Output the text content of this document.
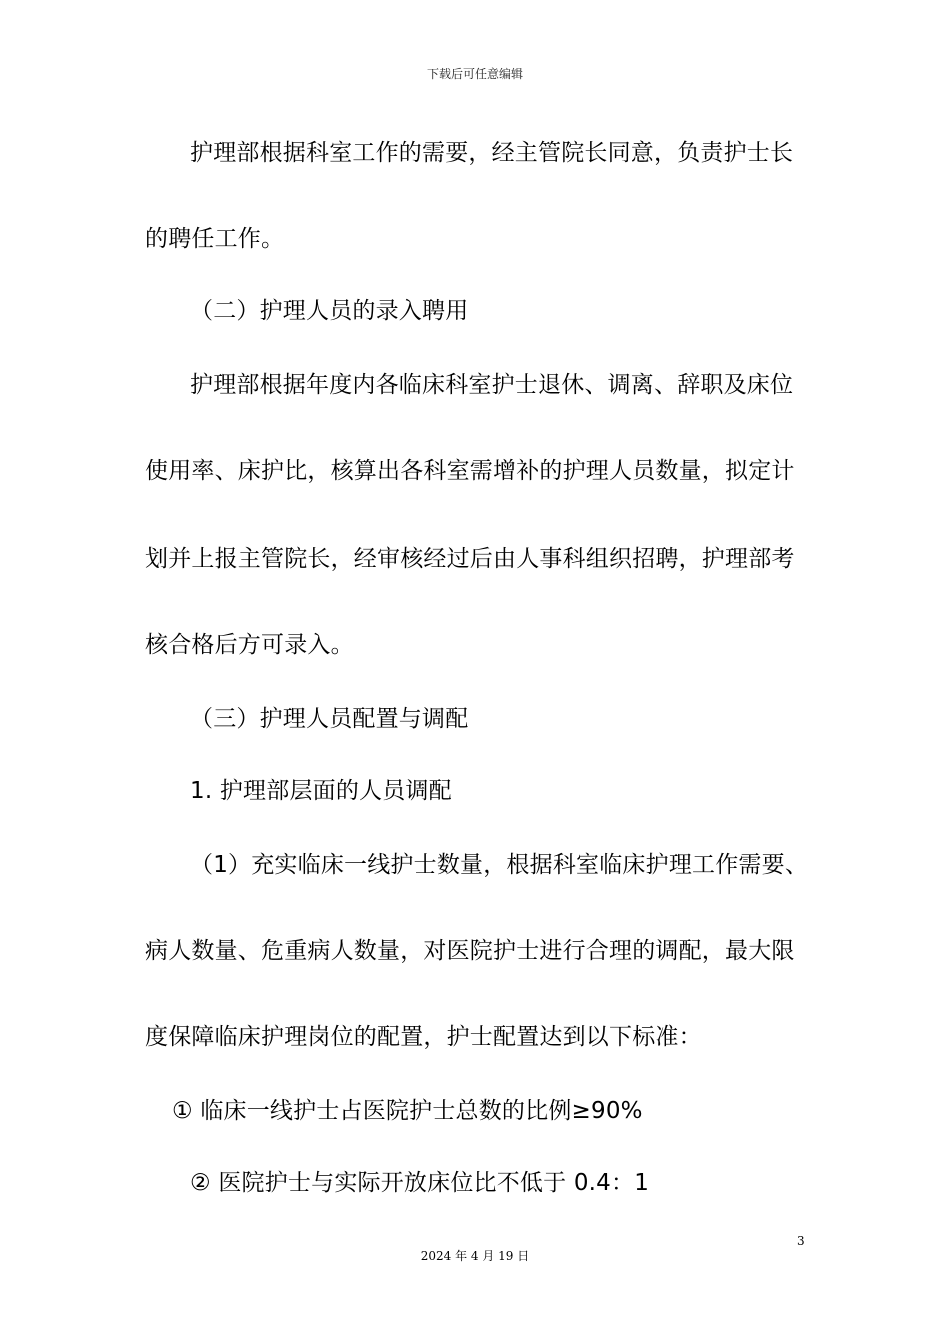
下载后可任意编辑
护理部根据科室工作的需要，经主管院长同意，负责护士长
的聘任工作。
（二）护理人员的录入聘用
护理部根据年度内各临床科室护士退休、调离、辞职及床位
使用率、床护比，核算出各科室需增补的护理人员数量，拟定计
划并上报主管院长，经审核经过后由人事科组织招聘，护理部考
核合格后方可录入。
（三）护理人员配置与调配
1. 护理部层面的人员调配
（1）充实临床一线护士数量，根据科室临床护理工作需要、
病人数量、危重病人数量，对医院护士进行合理的调配，最大限
度保障临床护理岗位的配置，护士配置达到以下标准：
① 临床一线护士占医院护士总数的比例≥90%
② 医院护士与实际开放床位比不低于 0.4：1
3
2024 年 4 月 19 日
